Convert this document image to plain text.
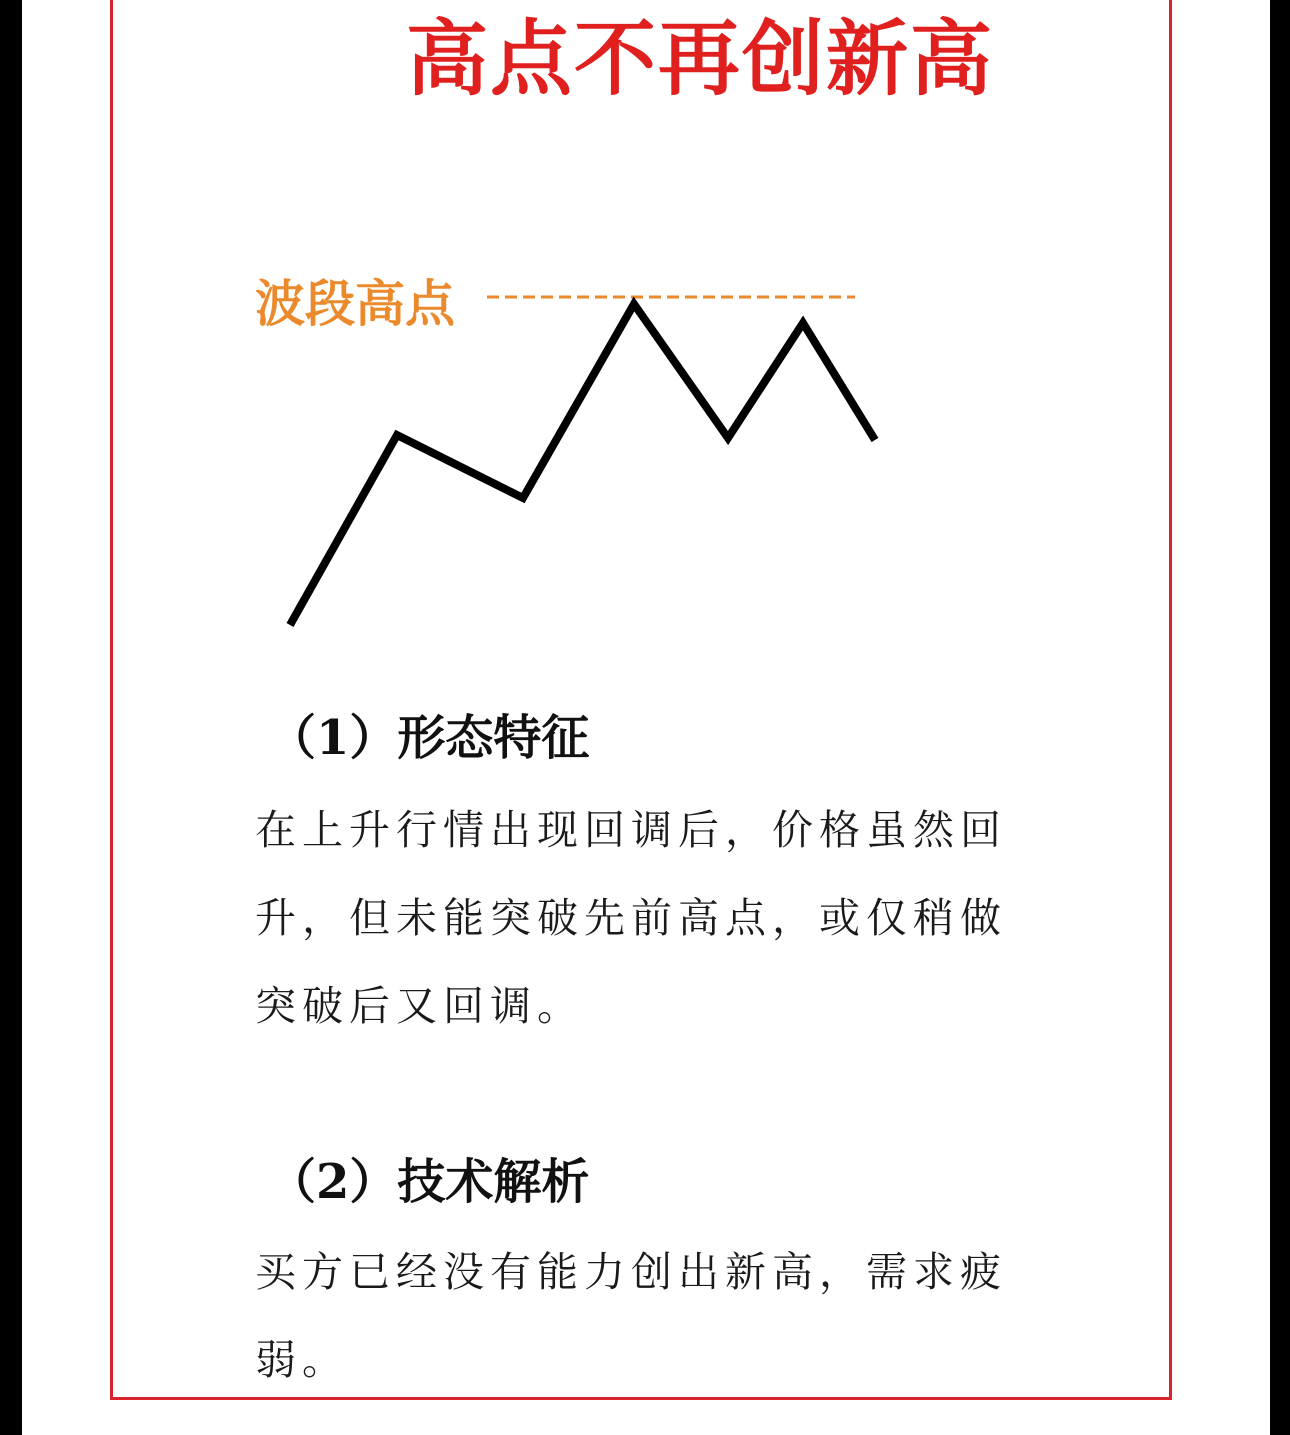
高点不再创新高
波段高点
（1）形态特征
在上升行情出现回调后，价格虽然回
升，但未能突破先前高点，或仅稍做
突破后又回调。
（2）技术解析
买方已经没有能力创出新高，需求疲
弱。
